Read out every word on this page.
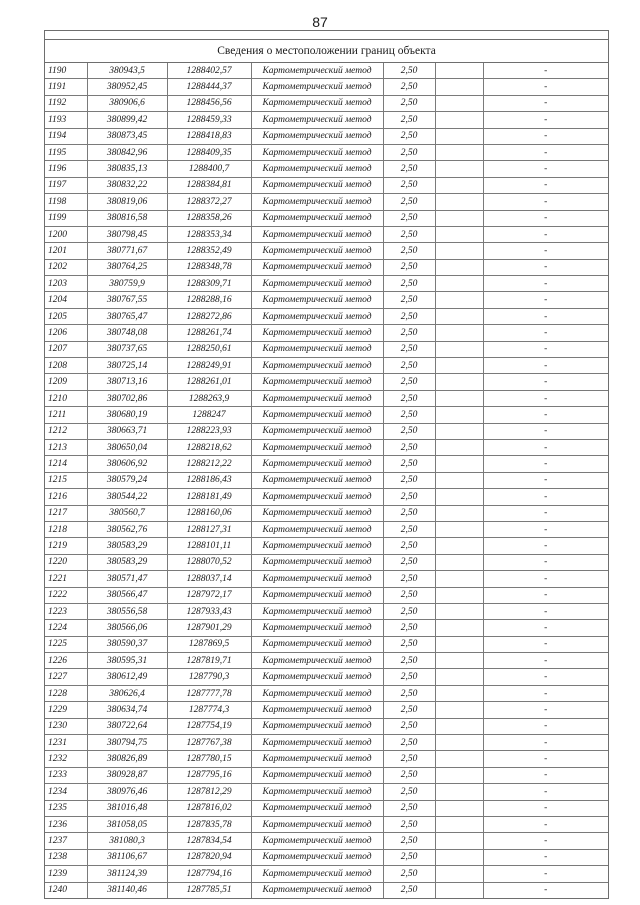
87
Сведения о местоположении границ объекта
1190	380943,5	1288402,57	Картометрический метод	2,50		-
1191	380952,45	1288444,37	Картометрический метод	2,50		-
1192	380906,6	1288456,56	Картометрический метод	2,50		-
1193	380899,42	1288459,33	Картометрический метод	2,50		-
1194	380873,45	1288418,83	Картометрический метод	2,50		-
1195	380842,96	1288409,35	Картометрический метод	2,50		-
1196	380835,13	1288400,7	Картометрический метод	2,50		-
1197	380832,22	1288384,81	Картометрический метод	2,50		-
1198	380819,06	1288372,27	Картометрический метод	2,50		-
1199	380816,58	1288358,26	Картометрический метод	2,50		-
1200	380798,45	1288353,34	Картометрический метод	2,50		-
1201	380771,67	1288352,49	Картометрический метод	2,50		-
1202	380764,25	1288348,78	Картометрический метод	2,50		-
1203	380759,9	1288309,71	Картометрический метод	2,50		-
1204	380767,55	1288288,16	Картометрический метод	2,50		-
1205	380765,47	1288272,86	Картометрический метод	2,50		-
1206	380748,08	1288261,74	Картометрический метод	2,50		-
1207	380737,65	1288250,61	Картометрический метод	2,50		-
1208	380725,14	1288249,91	Картометрический метод	2,50		-
1209	380713,16	1288261,01	Картометрический метод	2,50		-
1210	380702,86	1288263,9	Картометрический метод	2,50		-
1211	380680,19	1288247	Картометрический метод	2,50		-
1212	380663,71	1288223,93	Картометрический метод	2,50		-
1213	380650,04	1288218,62	Картометрический метод	2,50		-
1214	380606,92	1288212,22	Картометрический метод	2,50		-
1215	380579,24	1288186,43	Картометрический метод	2,50		-
1216	380544,22	1288181,49	Картометрический метод	2,50		-
1217	380560,7	1288160,06	Картометрический метод	2,50		-
1218	380562,76	1288127,31	Картометрический метод	2,50		-
1219	380583,29	1288101,11	Картометрический метод	2,50		-
1220	380583,29	1288070,52	Картометрический метод	2,50		-
1221	380571,47	1288037,14	Картометрический метод	2,50		-
1222	380566,47	1287972,17	Картометрический метод	2,50		-
1223	380556,58	1287933,43	Картометрический метод	2,50		-
1224	380566,06	1287901,29	Картометрический метод	2,50		-
1225	380590,37	1287869,5	Картометрический метод	2,50		-
1226	380595,31	1287819,71	Картометрический метод	2,50		-
1227	380612,49	1287790,3	Картометрический метод	2,50		-
1228	380626,4	1287777,78	Картометрический метод	2,50		-
1229	380634,74	1287774,3	Картометрический метод	2,50		-
1230	380722,64	1287754,19	Картометрический метод	2,50		-
1231	380794,75	1287767,38	Картометрический метод	2,50		-
1232	380826,89	1287780,15	Картометрический метод	2,50		-
1233	380928,87	1287795,16	Картометрический метод	2,50		-
1234	380976,46	1287812,29	Картометрический метод	2,50		-
1235	381016,48	1287816,02	Картометрический метод	2,50		-
1236	381058,05	1287835,78	Картометрический метод	2,50		-
1237	381080,3	1287834,54	Картометрический метод	2,50		-
1238	381106,67	1287820,94	Картометрический метод	2,50		-
1239	381124,39	1287794,16	Картометрический метод	2,50		-
1240	381140,46	1287785,51	Картометрический метод	2,50		-
